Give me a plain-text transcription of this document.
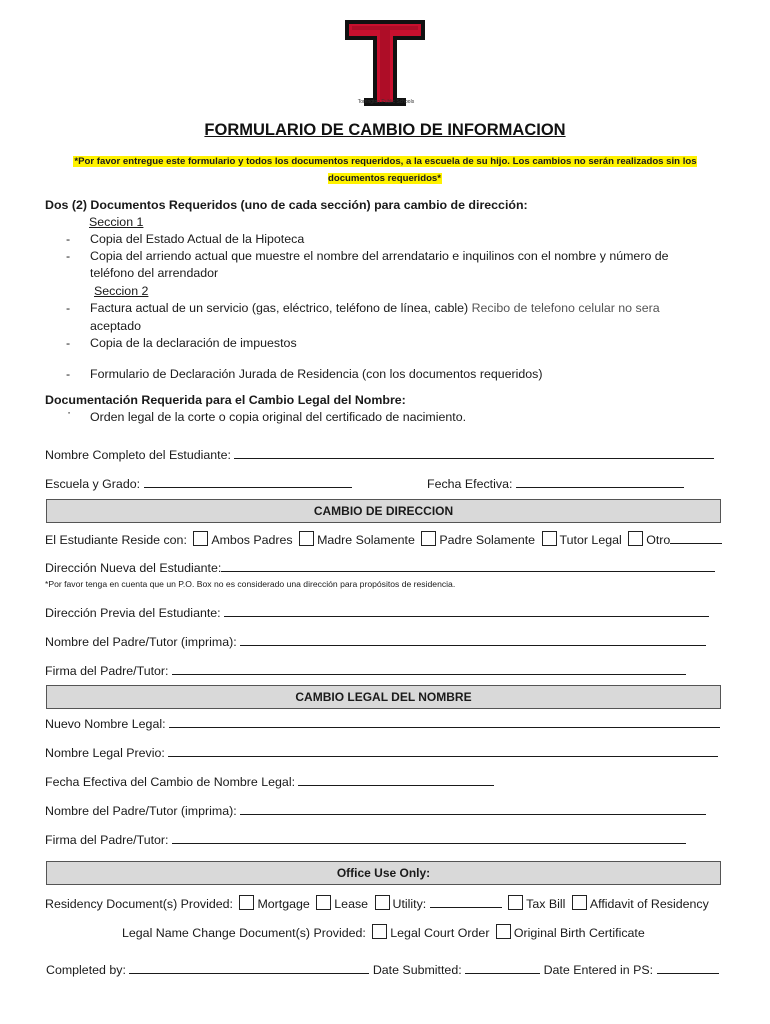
Torrington Public Schools
FORMULARIO DE CAMBIO DE INFORMACION
*Por favor entregue este formulario y todos los documentos requeridos, a la escuela de su hijo. Los cambios no serán realizados sin los documentos requeridos*
Dos (2) Documentos Requeridos (uno de cada sección) para cambio de dirección:
Seccion 1
- Copia del Estado Actual de la Hipoteca
- Copia del arriendo actual que muestre el nombre del arrendatario e inquilinos con el nombre y número de
teléfono del arrendador
Seccion 2
- Factura actual de un servicio (gas, eléctrico, teléfono de línea, cable) Recibo de telefono celular no sera
aceptado
- Copia de la declaración de impuestos
- Formulario de Declaración Jurada de Residencia (con los documentos requeridos)
Documentación Requerida para el Cambio Legal del Nombre:
· Orden legal de la corte o copia original del certificado de nacimiento.
Nombre Completo del Estudiante:
Escuela y Grado:	Fecha Efectiva:
CAMBIO DE DIRECCION
El Estudiante Reside con: Ambos Padres Madre Solamente Padre Solamente Tutor Legal Otro
Dirección Nueva del Estudiante:
*Por favor tenga en cuenta que un P.O. Box no es considerado una dirección para propósitos de residencia.
Dirección Previa del Estudiante:
Nombre del Padre/Tutor (imprima):
Firma del Padre/Tutor:
CAMBIO LEGAL DEL NOMBRE
Nuevo Nombre Legal:
Nombre Legal Previo:
Fecha Efectiva del Cambio de Nombre Legal:
Nombre del Padre/Tutor (imprima):
Firma del Padre/Tutor:
Office Use Only:
Residency Document(s) Provided: Mortgage Lease Utility:	Tax Bill Affidavit of Residency
Legal Name Change Document(s) Provided: Legal Court Order Original Birth Certificate
Completed by:	Date Submitted:	Date Entered in PS:
